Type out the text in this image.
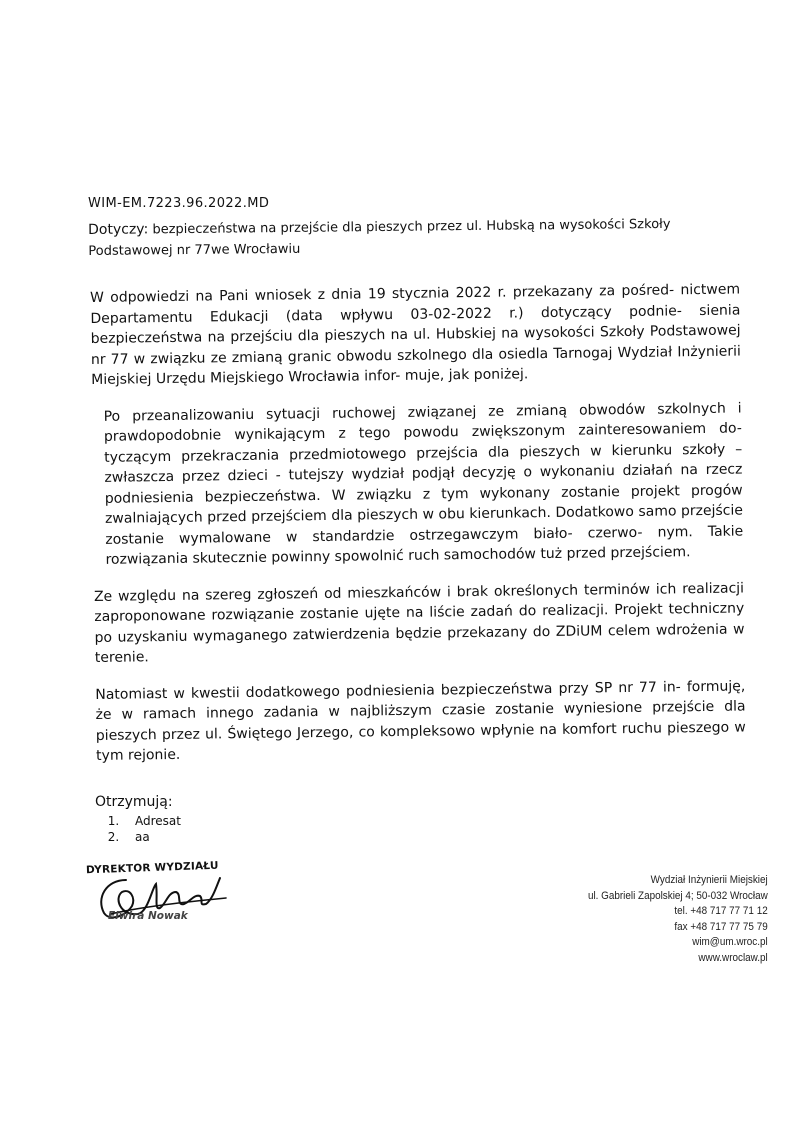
WIM-EM.7223.96.2022.MD
Dotyczy: bezpieczeństwa na przejście dla pieszych przez ul. Hubską na wysokości Szkoły Podstawowej nr 77we Wrocławiu

W odpowiedzi na Pani wniosek z dnia 19 stycznia 2022 r. przekazany za pośred- nictwem Departamentu Edukacji (data wpływu 03-02-2022 r.) dotyczący podnie- sienia bezpieczeństwa na przejściu dla pieszych na ul. Hubskiej na wysokości Szkoły Podstawowej nr 77 w związku ze zmianą granic obwodu szkolnego dla osiedla Tarnogaj Wydział Inżynierii Miejskiej Urzędu Miejskiego Wrocławia infor- muje, jak poniżej.

Po przeanalizowaniu sytuacji ruchowej związanej ze zmianą obwodów szkolnych i prawdopodobnie wynikającym z tego powodu zwiększonym zainteresowaniem do- tyczącym przekraczania przedmiotowego przejścia dla pieszych w kierunku szkoły – zwłaszcza przez dzieci - tutejszy wydział podjął decyzję o wykonaniu działań na rzecz podniesienia bezpieczeństwa. W związku z tym wykonany zostanie projekt progów zwalniających przed przejściem dla pieszych w obu kierunkach. Dodatkowo samo przejście zostanie wymalowane w standardzie ostrzegawczym biało- czerwo- nym. Takie rozwiązania skutecznie powinny spowolnić ruch samochodów tuż przed przejściem.

Ze względu na szereg zgłoszeń od mieszkańców i brak określonych terminów ich realizacji zaproponowane rozwiązanie zostanie ujęte na liście zadań do realizacji. Projekt techniczny po uzyskaniu wymaganego zatwierdzenia będzie przekazany do ZDiUM celem wdrożenia w terenie.

Natomiast w kwestii dodatkowego podniesienia bezpieczeństwa przy SP nr 77 in- formuję, że w ramach innego zadania w najbliższym czasie zostanie wyniesione przejście dla pieszych przez ul. Świętego Jerzego, co kompleksowo wpłynie na komfort ruchu pieszego w tym rejonie.

Otrzymują:
1. Adresat
2. aa
DYREKTOR WYDZIAŁU
Elwira Nowak
Wydział Inżynierii Miejskiej
ul. Gabrieli Zapolskiej 4; 50-032 Wrocław
tel. +48 717 77 71 12
fax +48 717 77 75 79
wim@um.wroc.pl
www.wroclaw.pl
